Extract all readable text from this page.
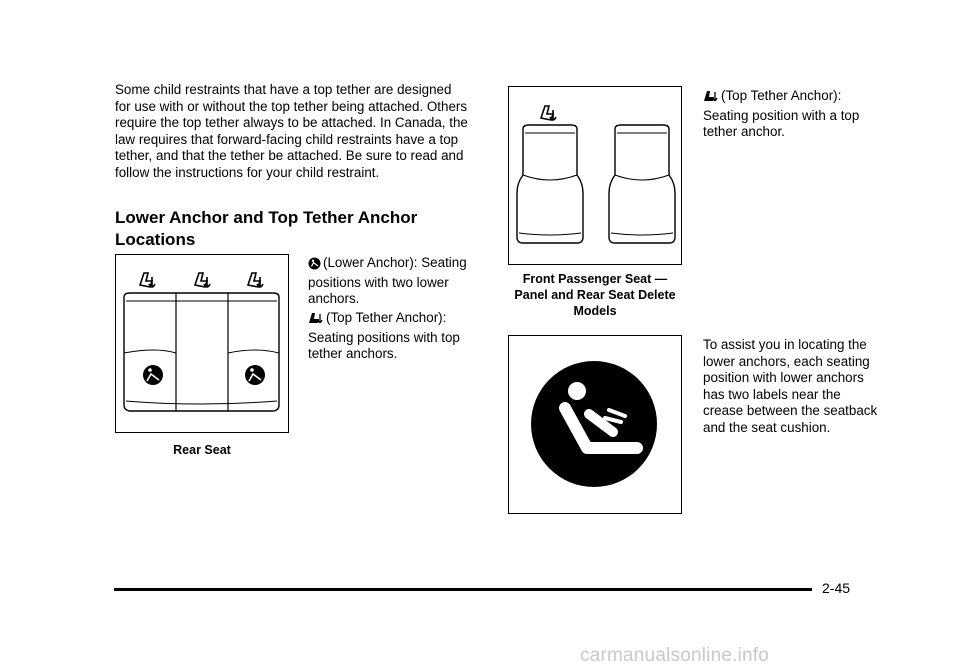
Some child restraints that have a top tether are designed for use with or without the top tether being attached. Others require the top tether always to be attached. In Canada, the law requires that forward-facing child restraints have a top tether, and that the tether be attached. Be sure to read and follow the instructions for your child restraint.

Lower Anchor and Top Tether Anchor Locations
Rear Seat
(Lower Anchor): Seating positions with two lower anchors.
(Top Tether Anchor): Seating positions with top tether anchors.
Front Passenger Seat — Panel and Rear Seat Delete Models
(Top Tether Anchor): Seating position with a top tether anchor.

To assist you in locating the lower anchors, each seating position with lower anchors has two labels near the crease between the seatback and the seat cushion.

2-45
carmanualsonline.info
